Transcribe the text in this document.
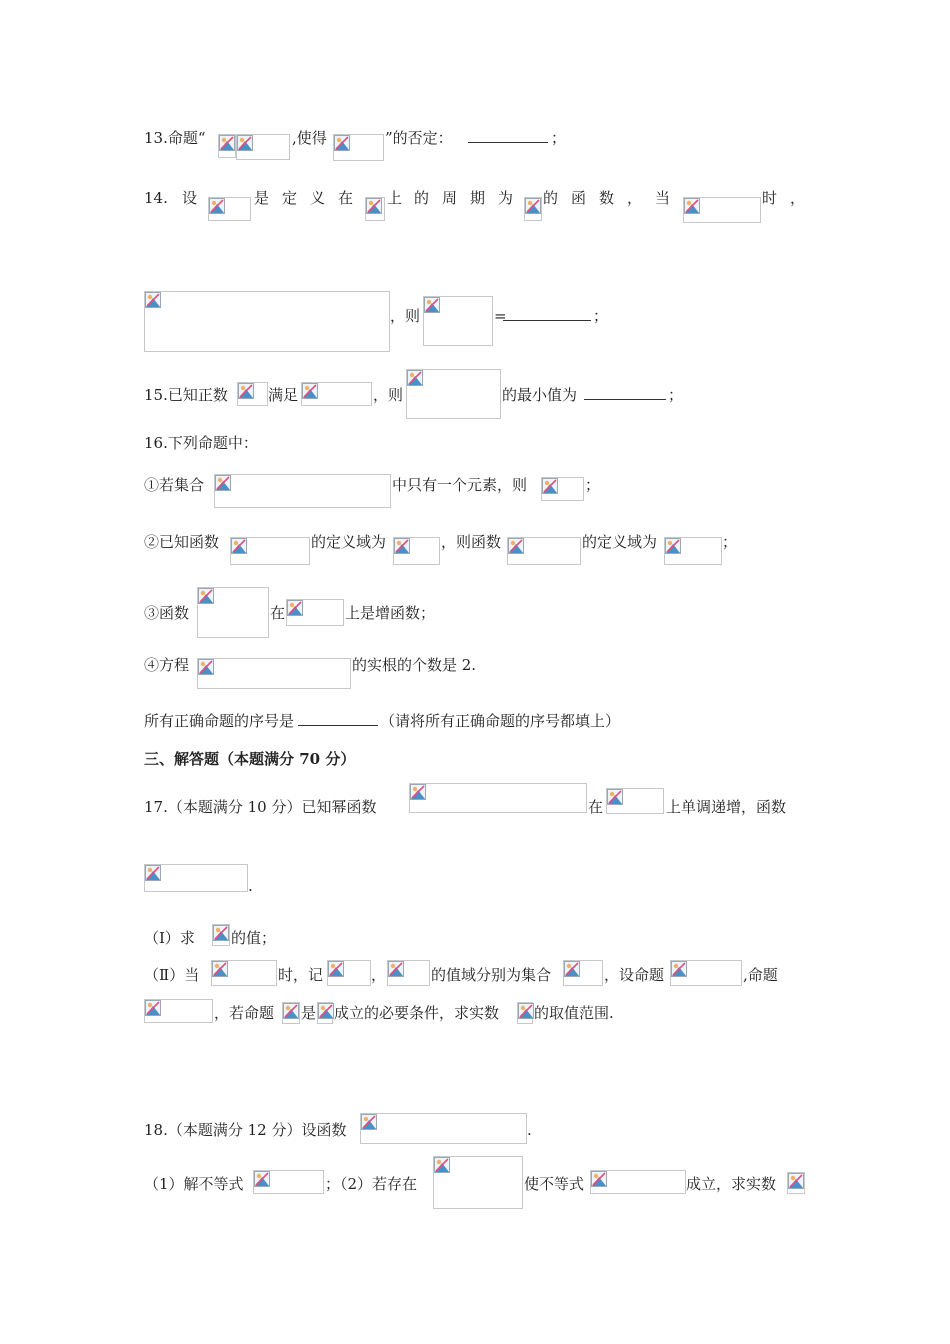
13.命题“	,使得	”的否定：	；
14. 设	是 定 义 在 上 的 周 期 为 的 函 数 ， 当	时 ，
，则	=	；
15.已知正数	满足	，则	的最小值为	；
16.下列命题中：
①若集合	中只有一个元素，则	；
②已知函数	的定义域为	，则函数	的定义域为	；
③函数	在	上是增函数；
④方程	的实根的个数是 2.
所有正确命题的序号是	（请将所有正确命题的序号都填上）
三、解答题（本题满分 70 分）
17.（本题满分 10 分）已知幂函数	在	上单调递增，函数
.
（Ⅰ）求 的值；
（Ⅱ）当	时，记	，	的值域分别为集合	，设命题	,命题
，若命题 是 成立的必要条件，求实数 的取值范围.
18.（本题满分 12 分）设函数	.
（1）解不等式	；（2）若存在	使不等式	成立，求实数
